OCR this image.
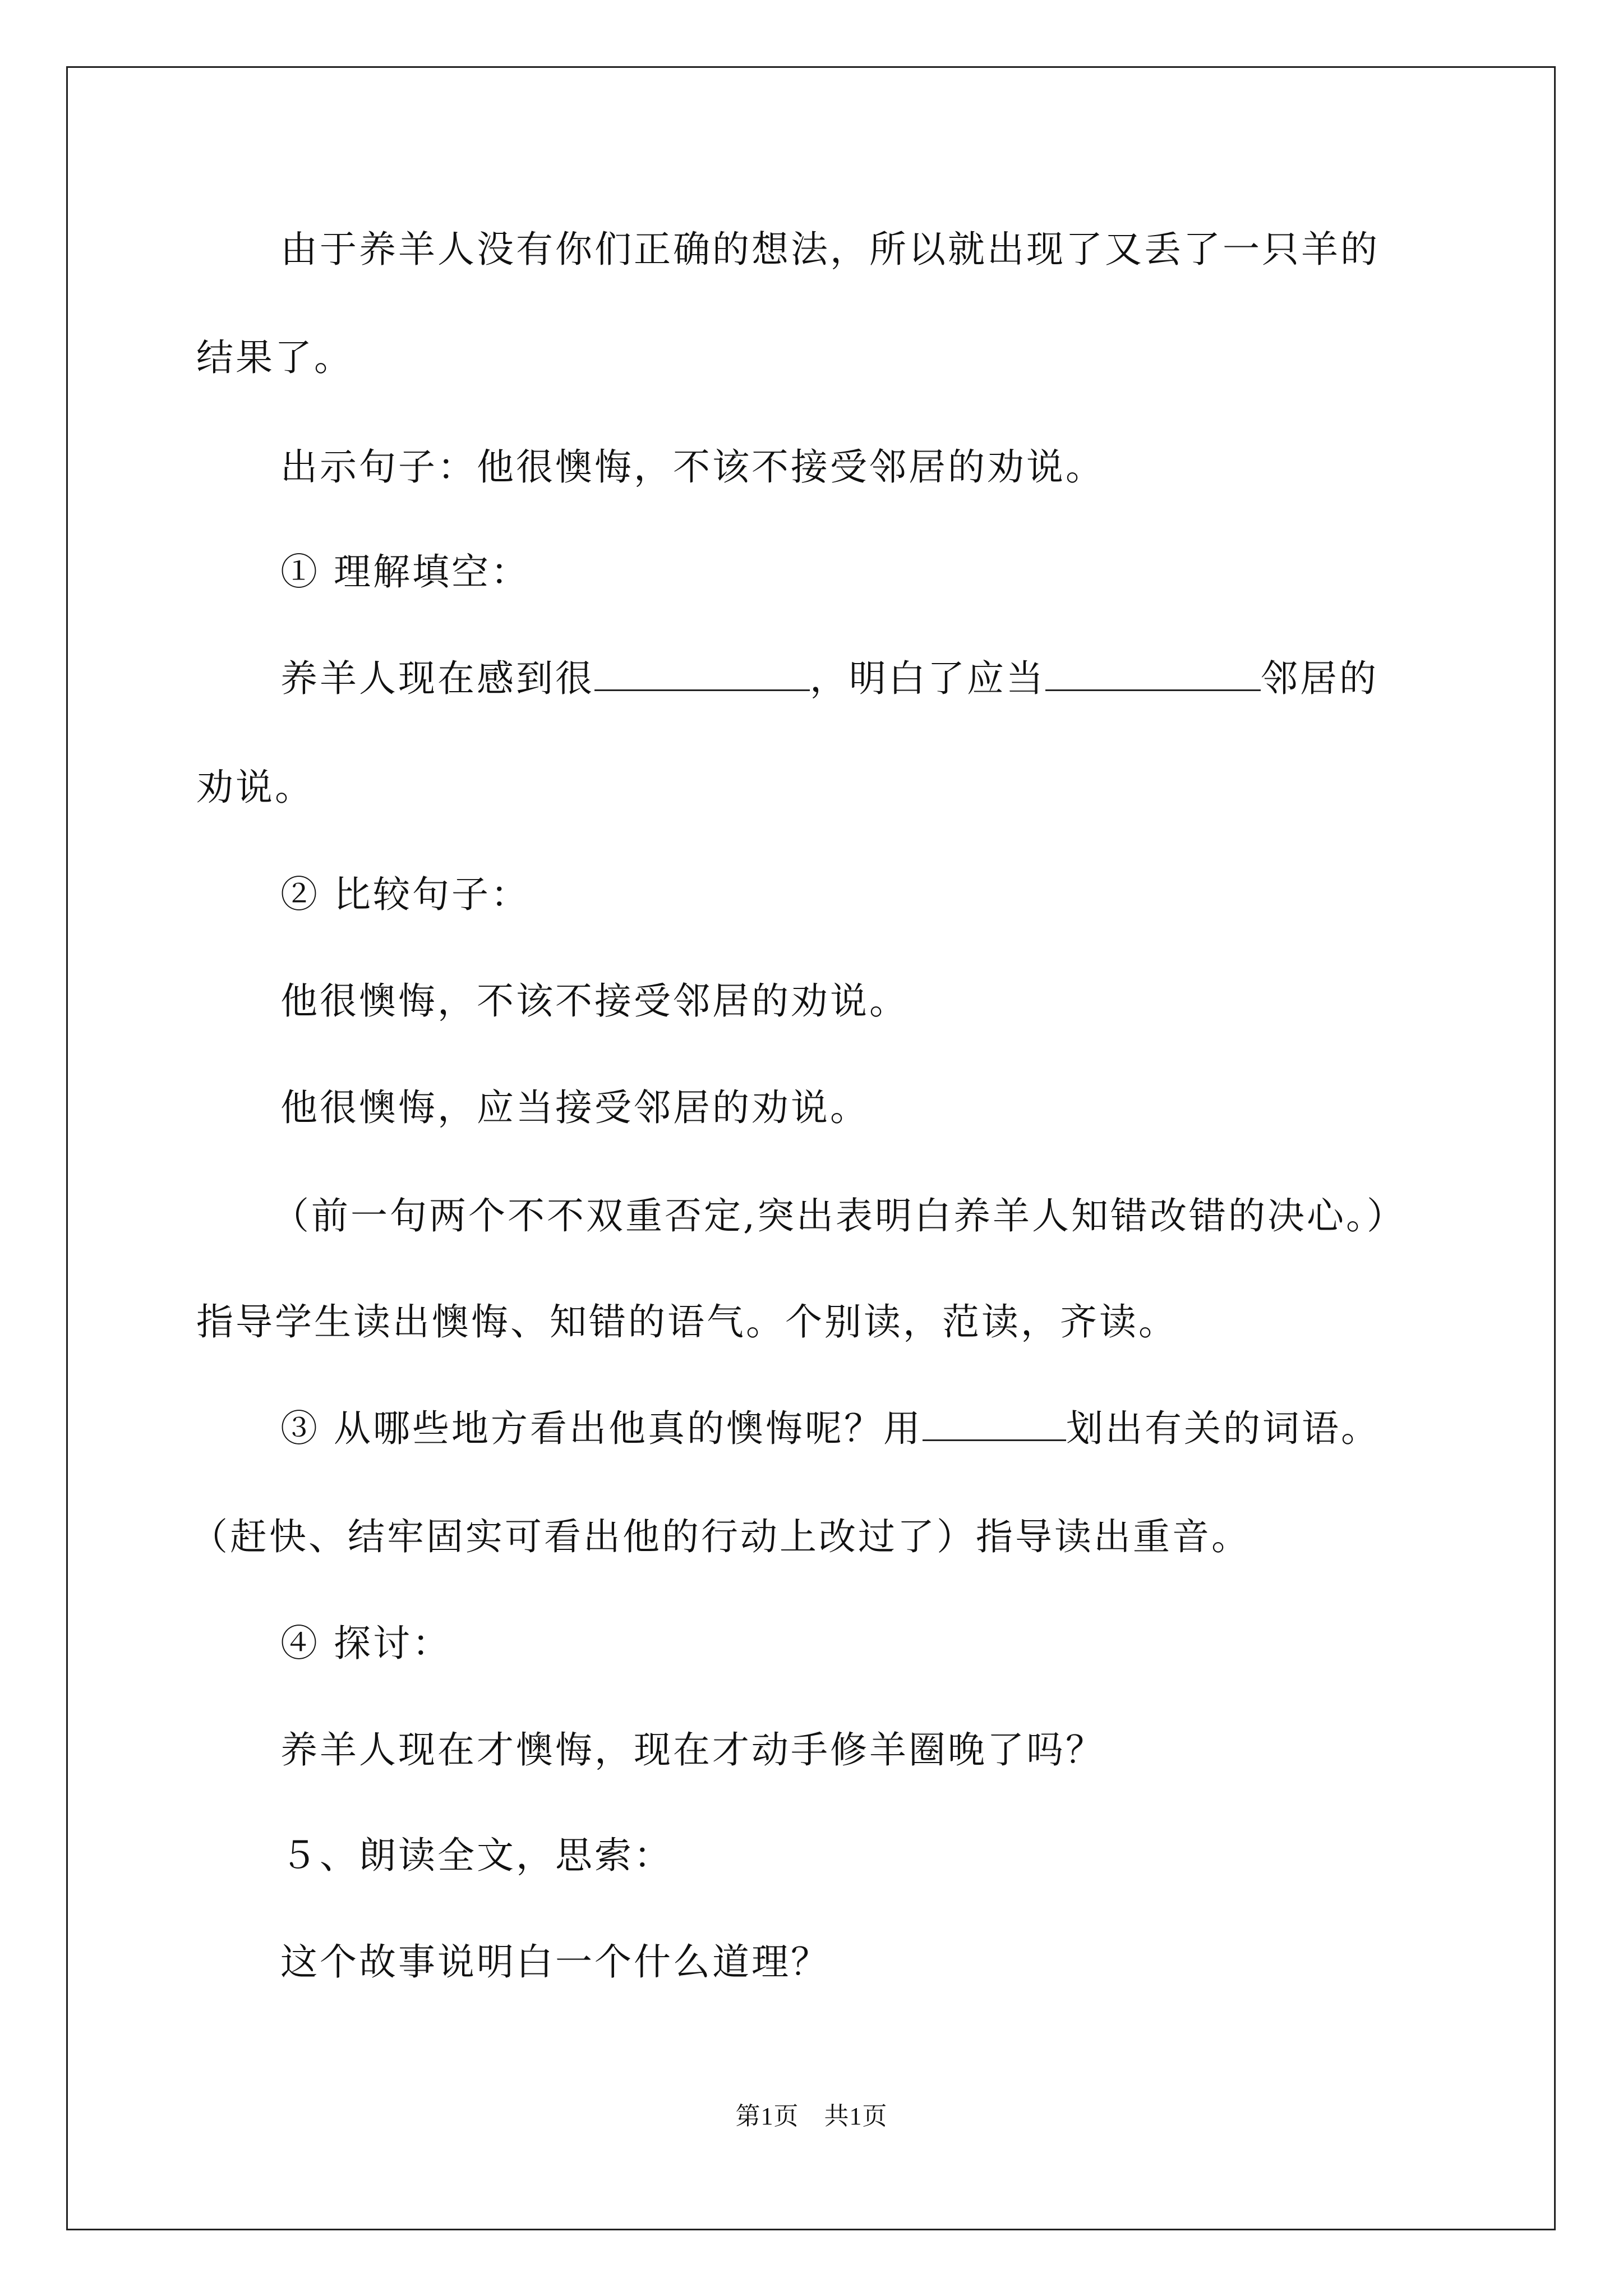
由于养羊人没有你们正确的想法，所以就出现了又丢了一只羊的
结果了。
出示句子：他很懊悔，不该不接受邻居的劝说。
① 理解填空：
养羊人现在感到很	，明白了应当	邻居的
劝说。
② 比较句子：
他很懊悔，不该不接受邻居的劝说。
他很懊悔，应当接受邻居的劝说。
（前一句两个不不双重否定,突出表明白养羊人知错改错的决心。）
指导学生读出懊悔、知错的语气。个别读，范读，齐读。
③ 从哪些地方看出他真的懊悔呢？用	划出有关的词语。
（赶快、结牢固实可看出他的行动上改过了）指导读出重音。
④ 探讨：
养羊人现在才懊悔，现在才动手修羊圈晚了吗？
５、朗读全文，思索：
这个故事说明白一个什么道理？
第1页　共1页
